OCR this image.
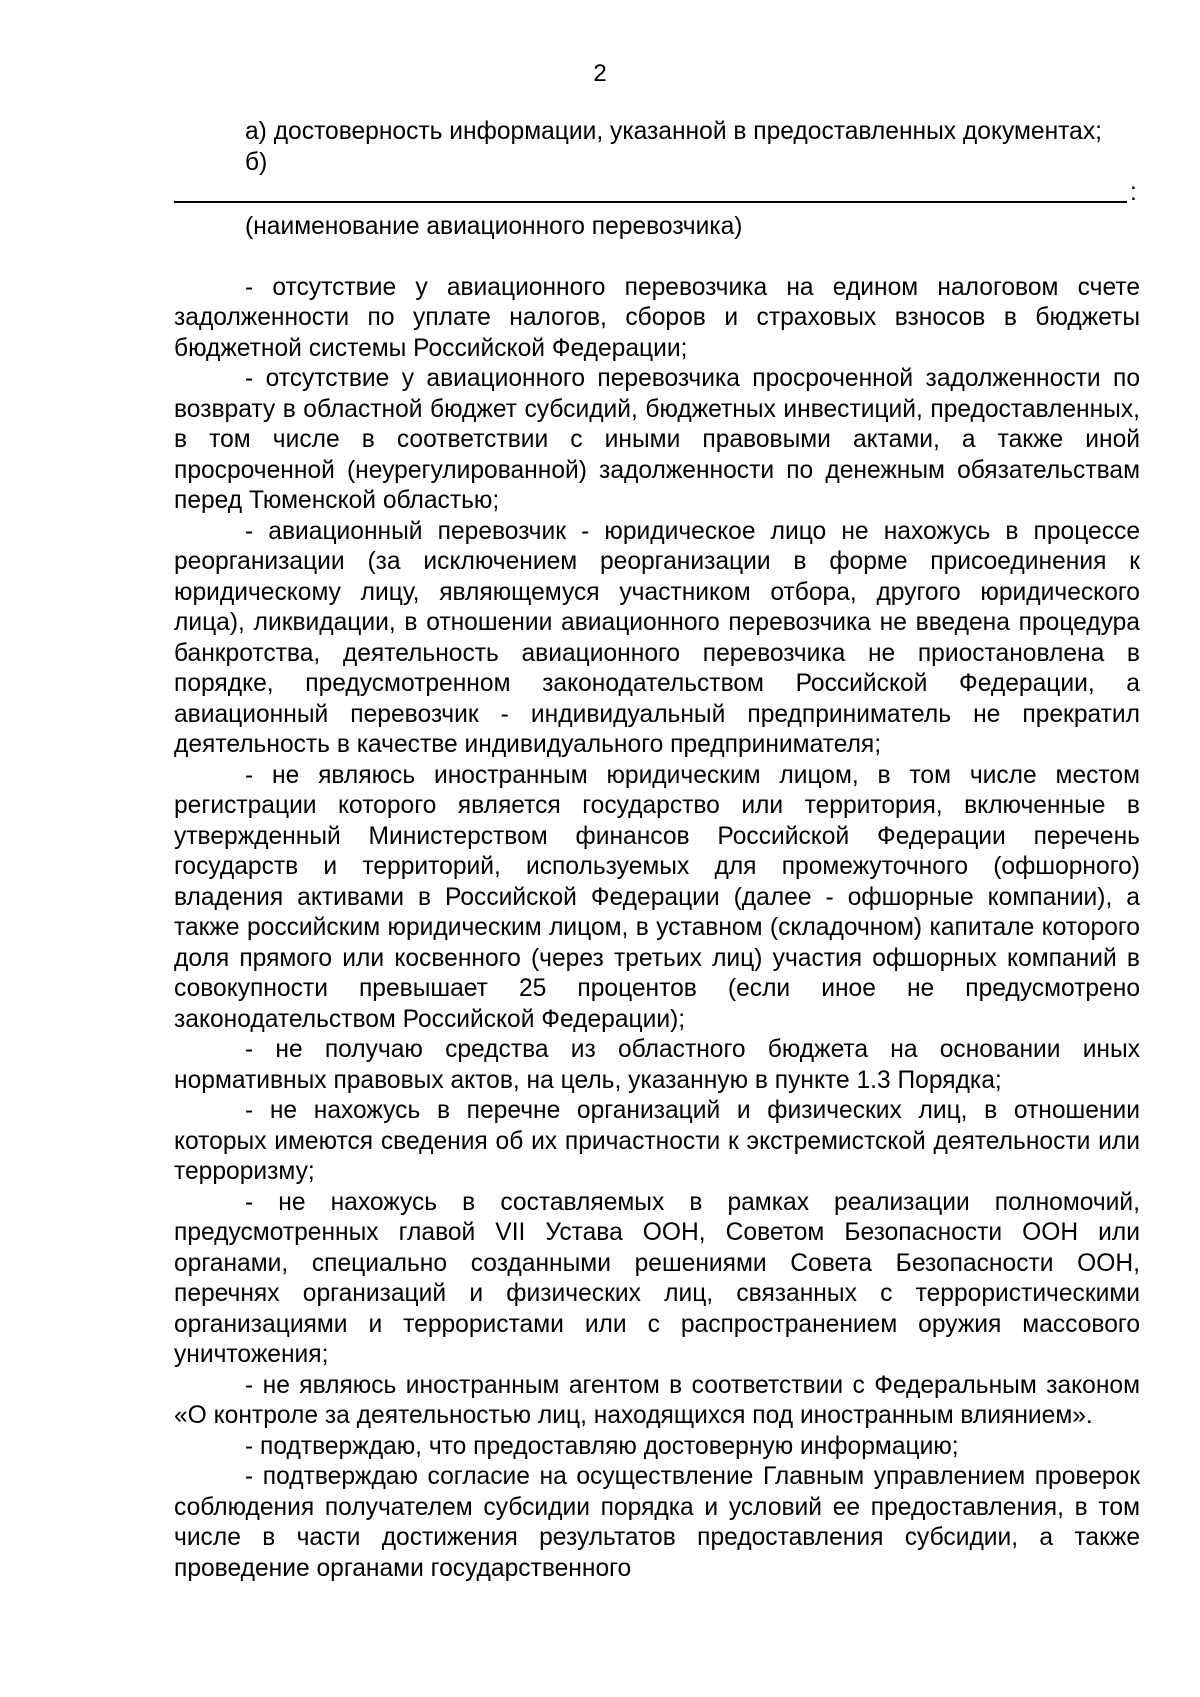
2

а) достоверность информации, указанной в предоставленных документах;

б)

:

(наименование авиационного перевозчика)

- отсутствие у авиационного перевозчика на едином налоговом счете задолженности по уплате налогов, сборов и страховых взносов в бюджеты бюджетной системы Российской Федерации;

- отсутствие у авиационного перевозчика просроченной задолженности по возврату в областной бюджет субсидий, бюджетных инвестиций, предоставленных, в том числе в соответствии с иными правовыми актами, а также иной просроченной (неурегулированной) задолженности по денежным обязательствам перед Тюменской областью;

- авиационный перевозчик - юридическое лицо не нахожусь в процессе реорганизации (за исключением реорганизации в форме присоединения к юридическому лицу, являющемуся участником отбора, другого юридического лица), ликвидации, в отношении авиационного перевозчика не введена процедура банкротства, деятельность авиационного перевозчика не приостановлена в порядке, предусмотренном законодательством Российской Федерации, а авиационный перевозчик - индивидуальный предприниматель не прекратил деятельность в качестве индивидуального предпринимателя;

- не являюсь иностранным юридическим лицом, в том числе местом регистрации которого является государство или территория, включенные в утвержденный Министерством финансов Российской Федерации перечень государств и территорий, используемых для промежуточного (офшорного) владения активами в Российской Федерации (далее - офшорные компании), а также российским юридическим лицом, в уставном (складочном) капитале которого доля прямого или косвенного (через третьих лиц) участия офшорных компаний в совокупности превышает 25 процентов (если иное не предусмотрено законодательством Российской Федерации);

- не получаю средства из областного бюджета на основании иных нормативных правовых актов, на цель, указанную в пункте 1.3 Порядка;

- не нахожусь в перечне организаций и физических лиц, в отношении которых имеются сведения об их причастности к экстремистской деятельности или терроризму;

- не нахожусь в составляемых в рамках реализации полномочий, предусмотренных главой VII Устава ООН, Советом Безопасности ООН или органами, специально созданными решениями Совета Безопасности ООН, перечнях организаций и физических лиц, связанных с террористическими организациями и террористами или с распространением оружия массового уничтожения;

- не являюсь иностранным агентом в соответствии с Федеральным законом «О контроле за деятельностью лиц, находящихся под иностранным влиянием».

- подтверждаю, что предоставляю достоверную информацию;

- подтверждаю согласие на осуществление Главным управлением проверок соблюдения получателем субсидии порядка и условий ее предоставления, в том числе в части достижения результатов предоставления субсидии, а также проведение органами государственного
